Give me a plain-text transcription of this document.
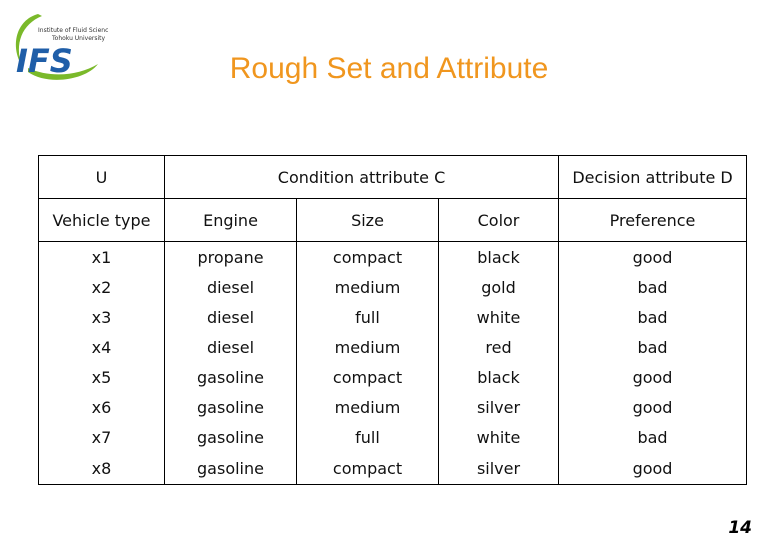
Institute of Fluid Science
Tohoku University
IFS	Rough Set and Attribute
U	Condition attribute C			Decision attribute D
Vehicle type	Engine	Size	Color	Preference
x1	propane	compact	black	good
x2	diesel	medium	gold	bad
x3	diesel	full	white	bad
x4	diesel	medium	red	bad
x5	gasoline	compact	black	good
x6	gasoline	medium	silver	good
x7	gasoline	full	white	bad
x8	gasoline	compact	silver	good
14
